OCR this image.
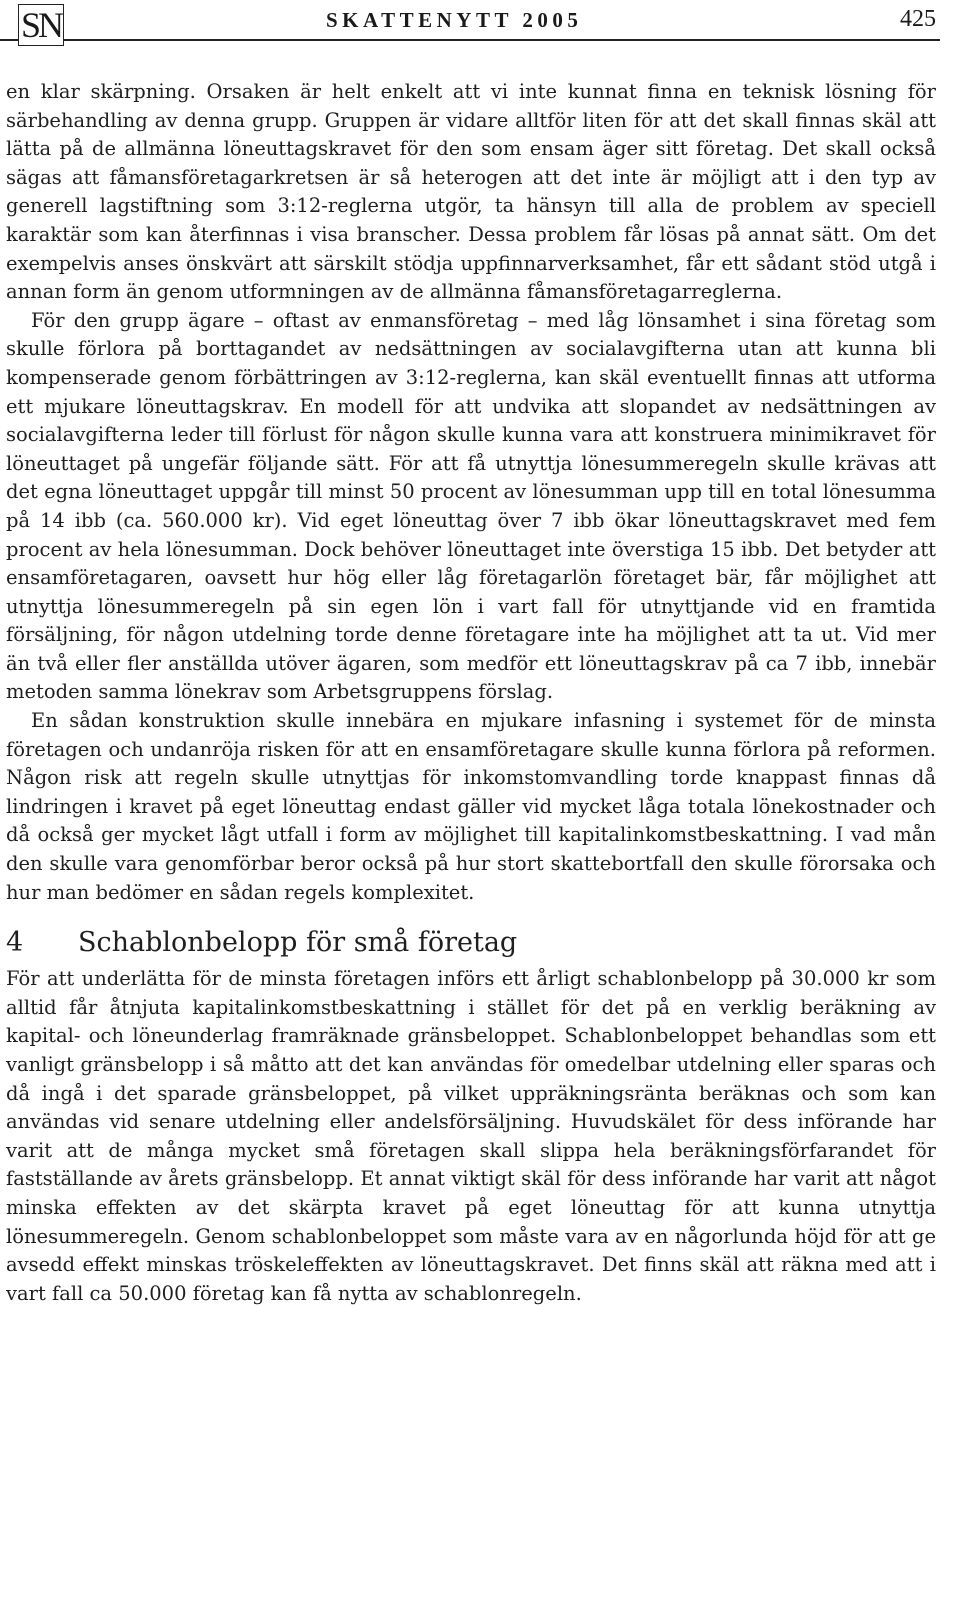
SN	SKATTENYTT 2005	425

en klar skärpning. Orsaken är helt enkelt att vi inte kunnat finna en teknisk lösning för särbehandling av denna grupp. Gruppen är vidare alltför liten för att det skall finnas skäl att lätta på de allmänna löneuttagskravet för den som ensam äger sitt företag. Det skall också sägas att fåmansföretagarkretsen är så heterogen att det inte är möjligt att i den typ av generell lagstiftning som 3:12-reglerna utgör, ta hänsyn till alla de problem av speciell karaktär som kan återfinnas i visa branscher. Dessa problem får lösas på annat sätt. Om det exempelvis anses önskvärt att särskilt stödja uppfinnarverksamhet, får ett sådant stöd utgå i annan form än genom utformningen av de allmänna fåmansföretagarreglerna.

För den grupp ägare – oftast av enmansföretag – med låg lönsamhet i sina företag som skulle förlora på borttagandet av nedsättningen av socialavgifterna utan att kunna bli kompenserade genom förbättringen av 3:12-reglerna, kan skäl eventuellt finnas att utforma ett mjukare löneuttagskrav. En modell för att undvika att slopandet av nedsättningen av socialavgifterna leder till förlust för någon skulle kunna vara att konstruera minimikravet för löneuttaget på ungefär följande sätt. För att få utnyttja lönesummeregeln skulle krävas att det egna löneuttaget uppgår till minst 50 procent av lönesumman upp till en total lönesumma på 14 ibb (ca. 560.000 kr). Vid eget löneuttag över 7 ibb ökar löneuttagskravet med fem procent av hela lönesumman. Dock behöver löneuttaget inte överstiga 15 ibb. Det betyder att ensamföretagaren, oavsett hur hög eller låg företagarlön företaget bär, får möjlighet att utnyttja lönesummeregeln på sin egen lön i vart fall för utnyttjande vid en framtida försäljning, för någon utdelning torde denne företagare inte ha möjlighet att ta ut. Vid mer än två eller fler anställda utöver ägaren, som medför ett löneuttagskrav på ca 7 ibb, innebär metoden samma lönekrav som Arbetsgruppens förslag.

En sådan konstruktion skulle innebära en mjukare infasning i systemet för de minsta företagen och undanröja risken för att en ensamföretagare skulle kunna förlora på reformen. Någon risk att regeln skulle utnyttjas för inkomstomvandling torde knappast finnas då lindringen i kravet på eget löneuttag endast gäller vid mycket låga totala lönekostnader och då också ger mycket lågt utfall i form av möjlighet till kapitalinkomstbeskattning. I vad mån den skulle vara genomförbar beror också på hur stort skattebortfall den skulle förorsaka och hur man bedömer en sådan regels komplexitet.

4 Schablonbelopp för små företag

För att underlätta för de minsta företagen införs ett årligt schablonbelopp på 30.000 kr som alltid får åtnjuta kapitalinkomstbeskattning i stället för det på en verklig beräkning av kapital- och löneunderlag framräknade gränsbeloppet. Schablonbeloppet behandlas som ett vanligt gränsbelopp i så måtto att det kan användas för omedelbar utdelning eller sparas och då ingå i det sparade gränsbeloppet, på vilket uppräkningsränta beräknas och som kan användas vid senare utdelning eller andelsförsäljning. Huvudskälet för dess införande har varit att de många mycket små företagen skall slippa hela beräkningsförfarandet för fastställande av årets gränsbelopp. Et annat viktigt skäl för dess införande har varit att något minska effekten av det skärpta kravet på eget löneuttag för att kunna utnyttja lönesummeregeln. Genom schablonbeloppet som måste vara av en någorlunda höjd för att ge avsedd effekt minskas tröskeleffekten av löneuttagskravet. Det finns skäl att räkna med att i vart fall ca 50.000 företag kan få nytta av schablonregeln.
